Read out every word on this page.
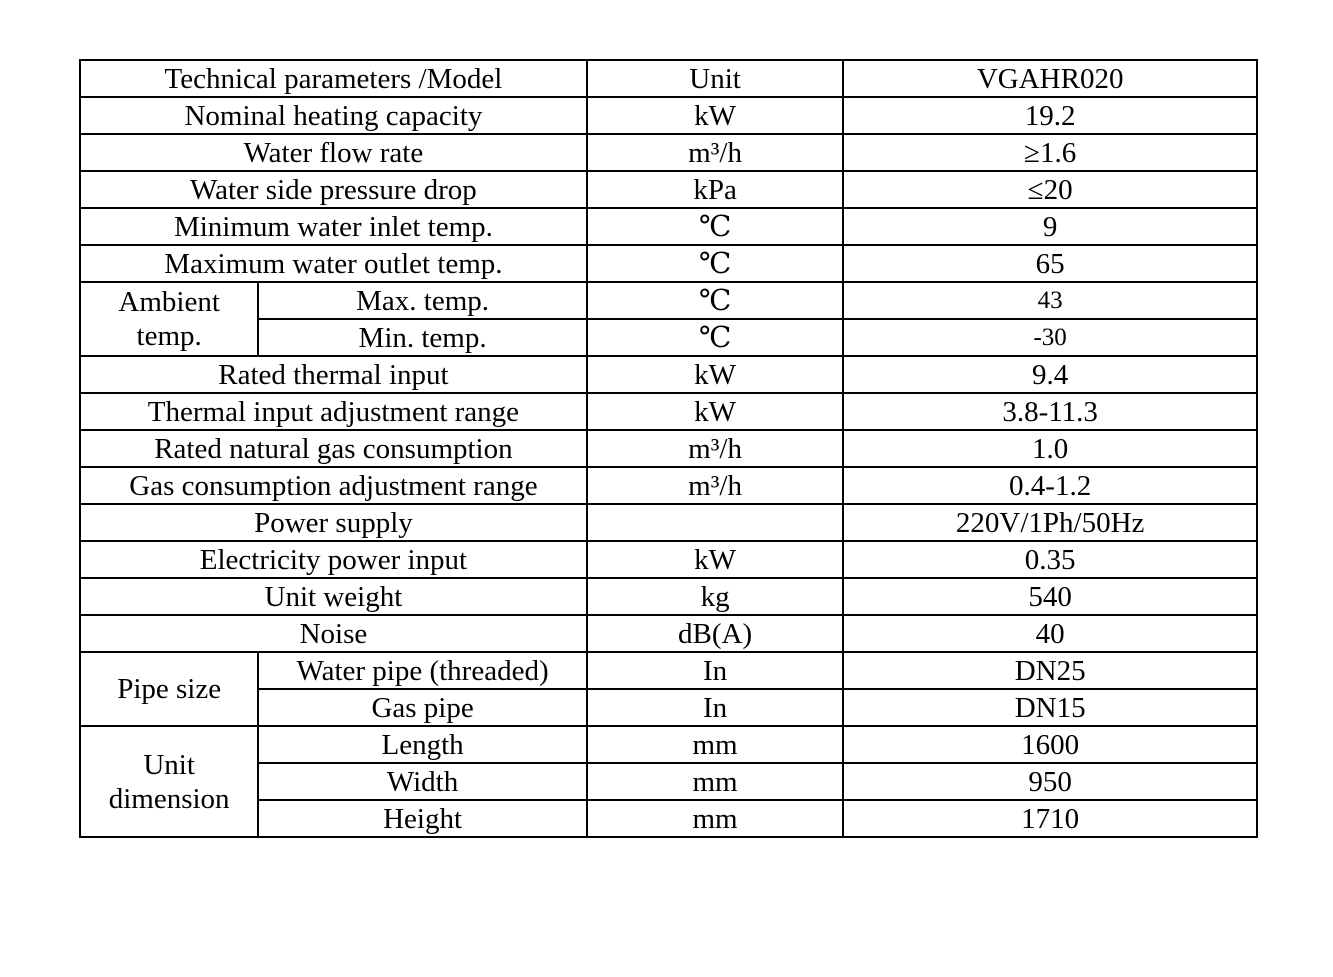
Technical parameters /Model		Unit	VGAHR020
Nominal heating capacity		kW	19.2
Water flow rate		m³/h	≥1.6
Water side pressure drop		kPa	≤20
Minimum water inlet temp.		℃	9
Maximum water outlet temp.		℃	65
Ambient temp.	Max. temp.	℃	43
	Min. temp.	℃	-30
Rated thermal input		kW	9.4
Thermal input adjustment range		kW	3.8-11.3
Rated natural gas consumption		m³/h	1.0
Gas consumption adjustment range		m³/h	0.4-1.2
Power supply			220V/1Ph/50Hz
Electricity power input		kW	0.35
Unit weight		kg	540
Noise		dB(A)	40
Pipe size	Water pipe (threaded)	In	DN25
	Gas pipe	In	DN15
Unit dimension	Length	mm	1600
	Width	mm	950
	Height	mm	1710
